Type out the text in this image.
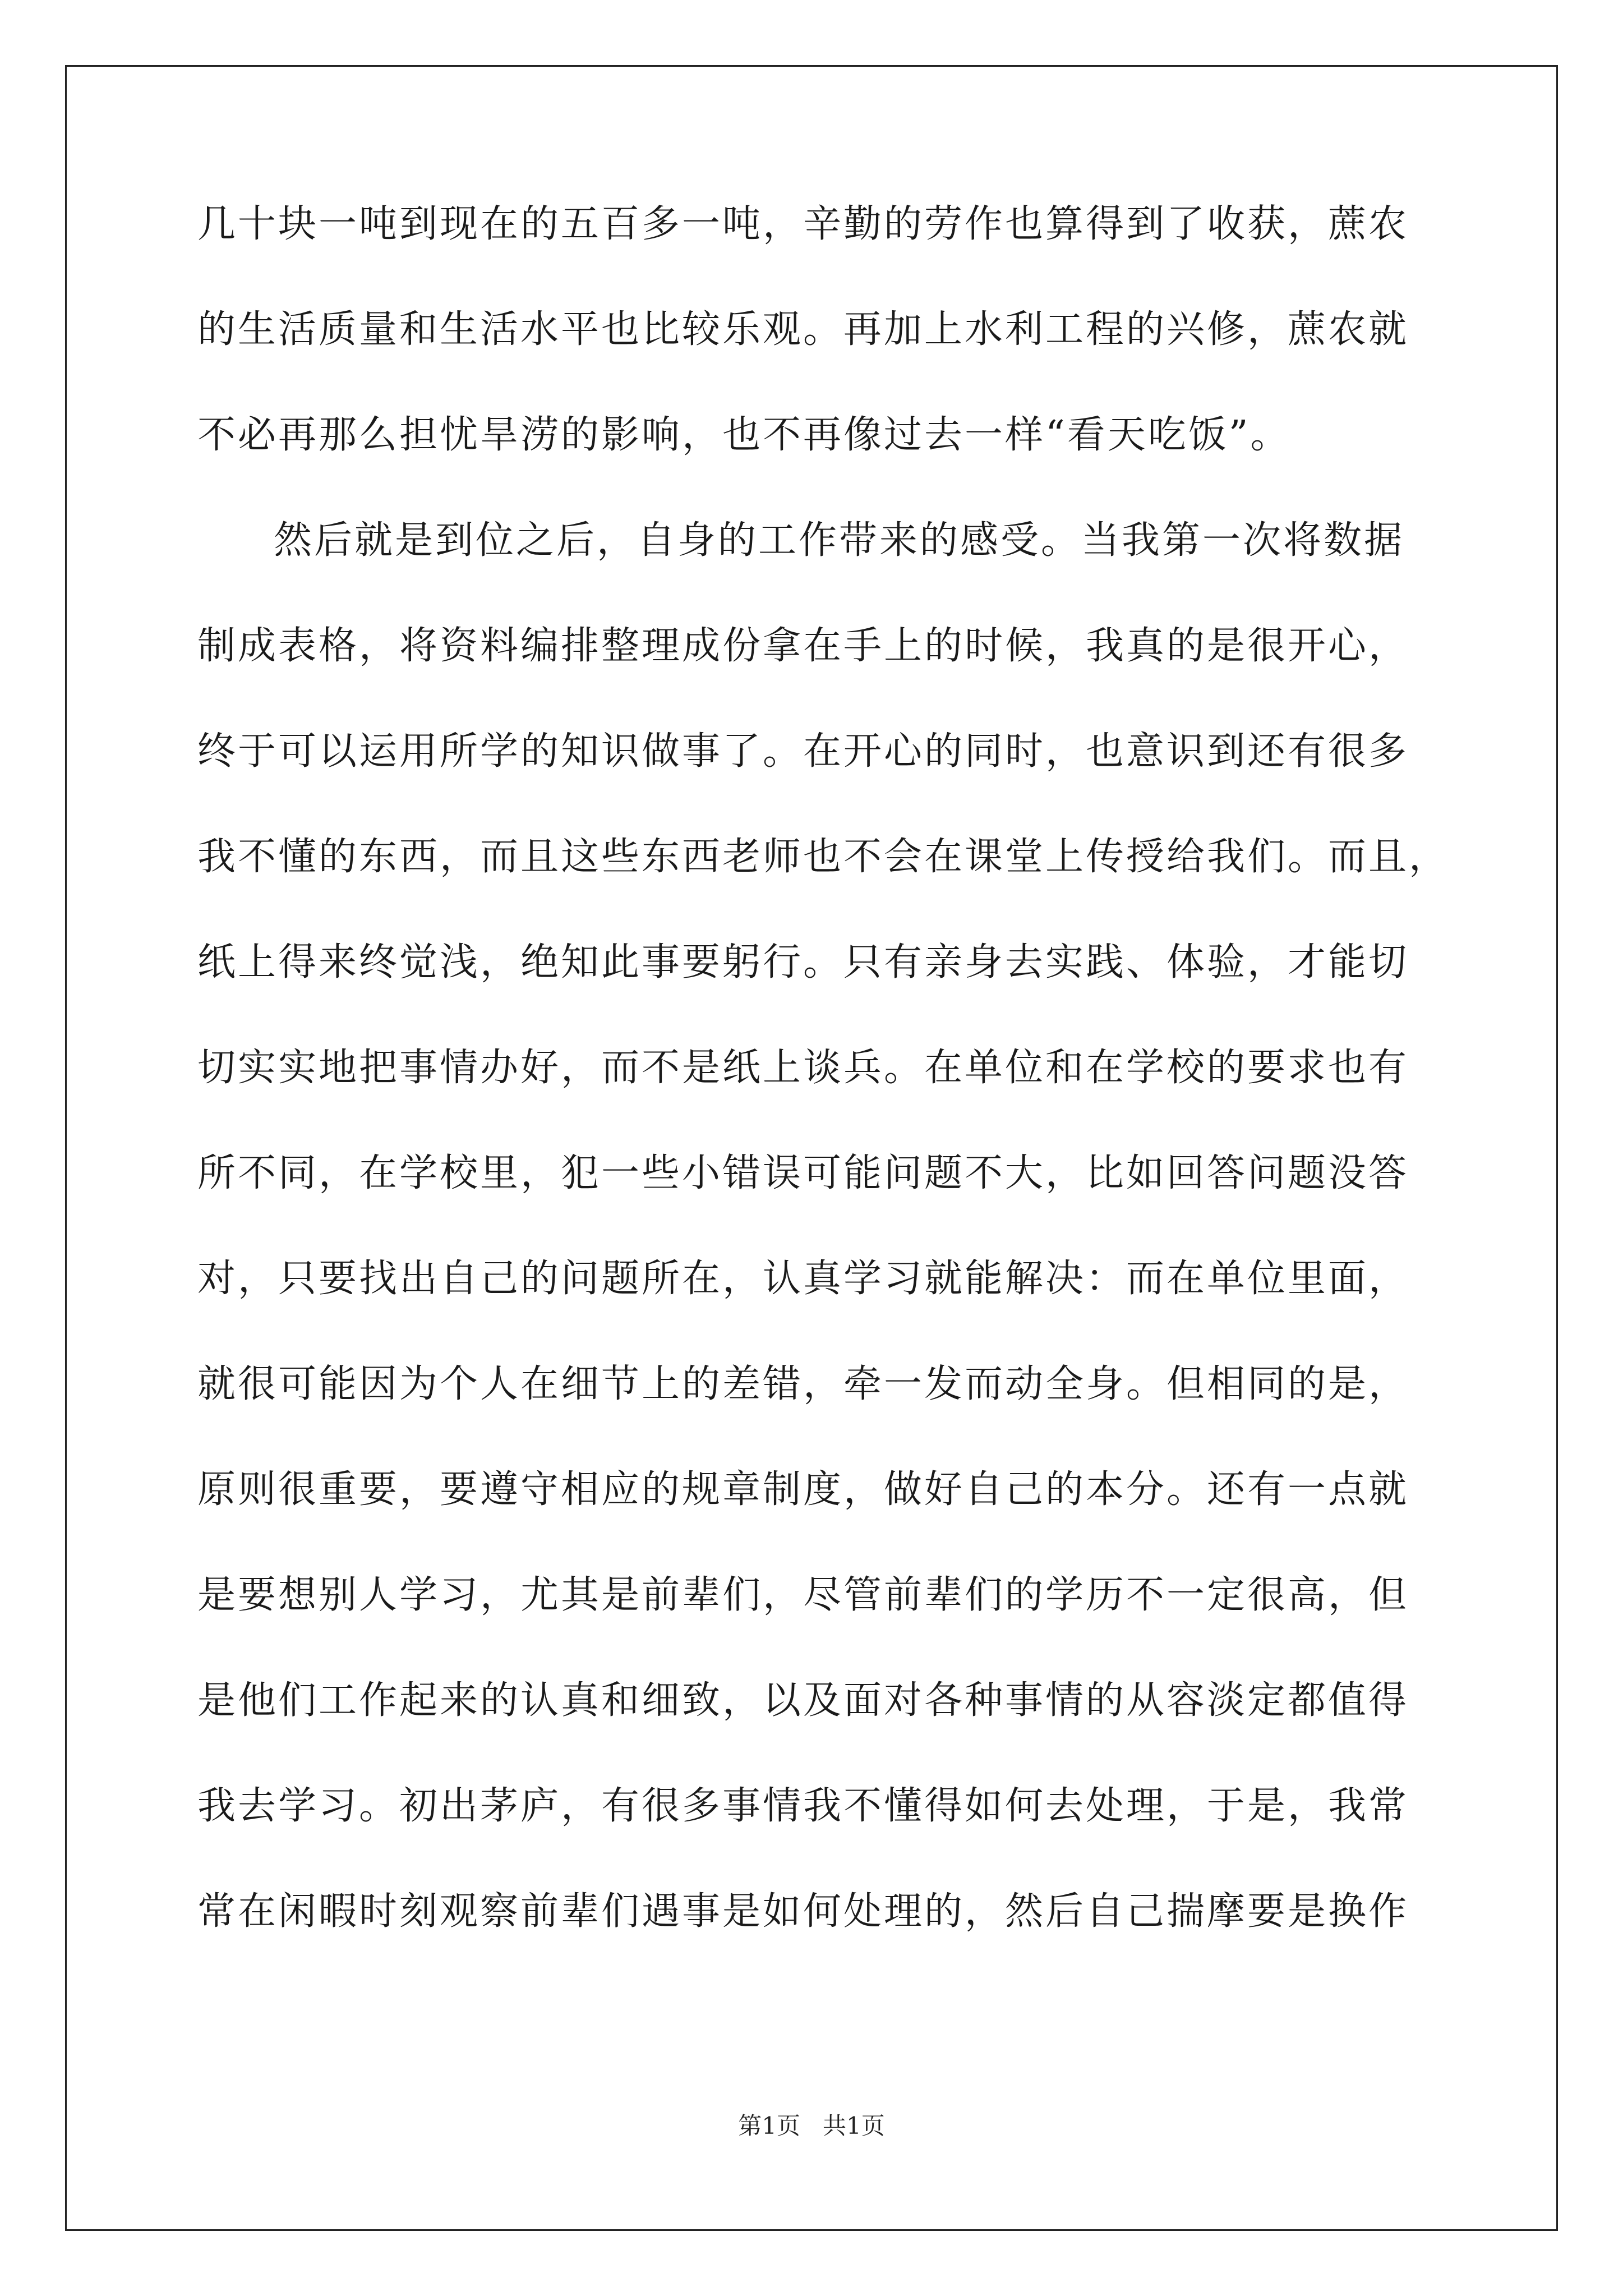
几十块一吨到现在的五百多一吨，辛勤的劳作也算得到了收获，蔗农
的生活质量和生活水平也比较乐观。再加上水利工程的兴修，蔗农就
不必再那么担忧旱涝的影响，也不再像过去一样“看天吃饭”。
然后就是到位之后，自身的工作带来的感受。当我第一次将数据
制成表格，将资料编排整理成份拿在手上的时候，我真的是很开心，
终于可以运用所学的知识做事了。在开心的同时，也意识到还有很多
我不懂的东西，而且这些东西老师也不会在课堂上传授给我们。而且，
纸上得来终觉浅，绝知此事要躬行。只有亲身去实践、体验，才能切
切实实地把事情办好，而不是纸上谈兵。在单位和在学校的要求也有
所不同，在学校里，犯一些小错误可能问题不大，比如回答问题没答
对，只要找出自己的问题所在，认真学习就能解决：而在单位里面，
就很可能因为个人在细节上的差错，牵一发而动全身。但相同的是，
原则很重要，要遵守相应的规章制度，做好自己的本分。还有一点就
是要想别人学习，尤其是前辈们，尽管前辈们的学历不一定很高，但
是他们工作起来的认真和细致，以及面对各种事情的从容淡定都值得
我去学习。初出茅庐，有很多事情我不懂得如何去处理，于是，我常
常在闲暇时刻观察前辈们遇事是如何处理的，然后自己揣摩要是换作
第1页 共1页
